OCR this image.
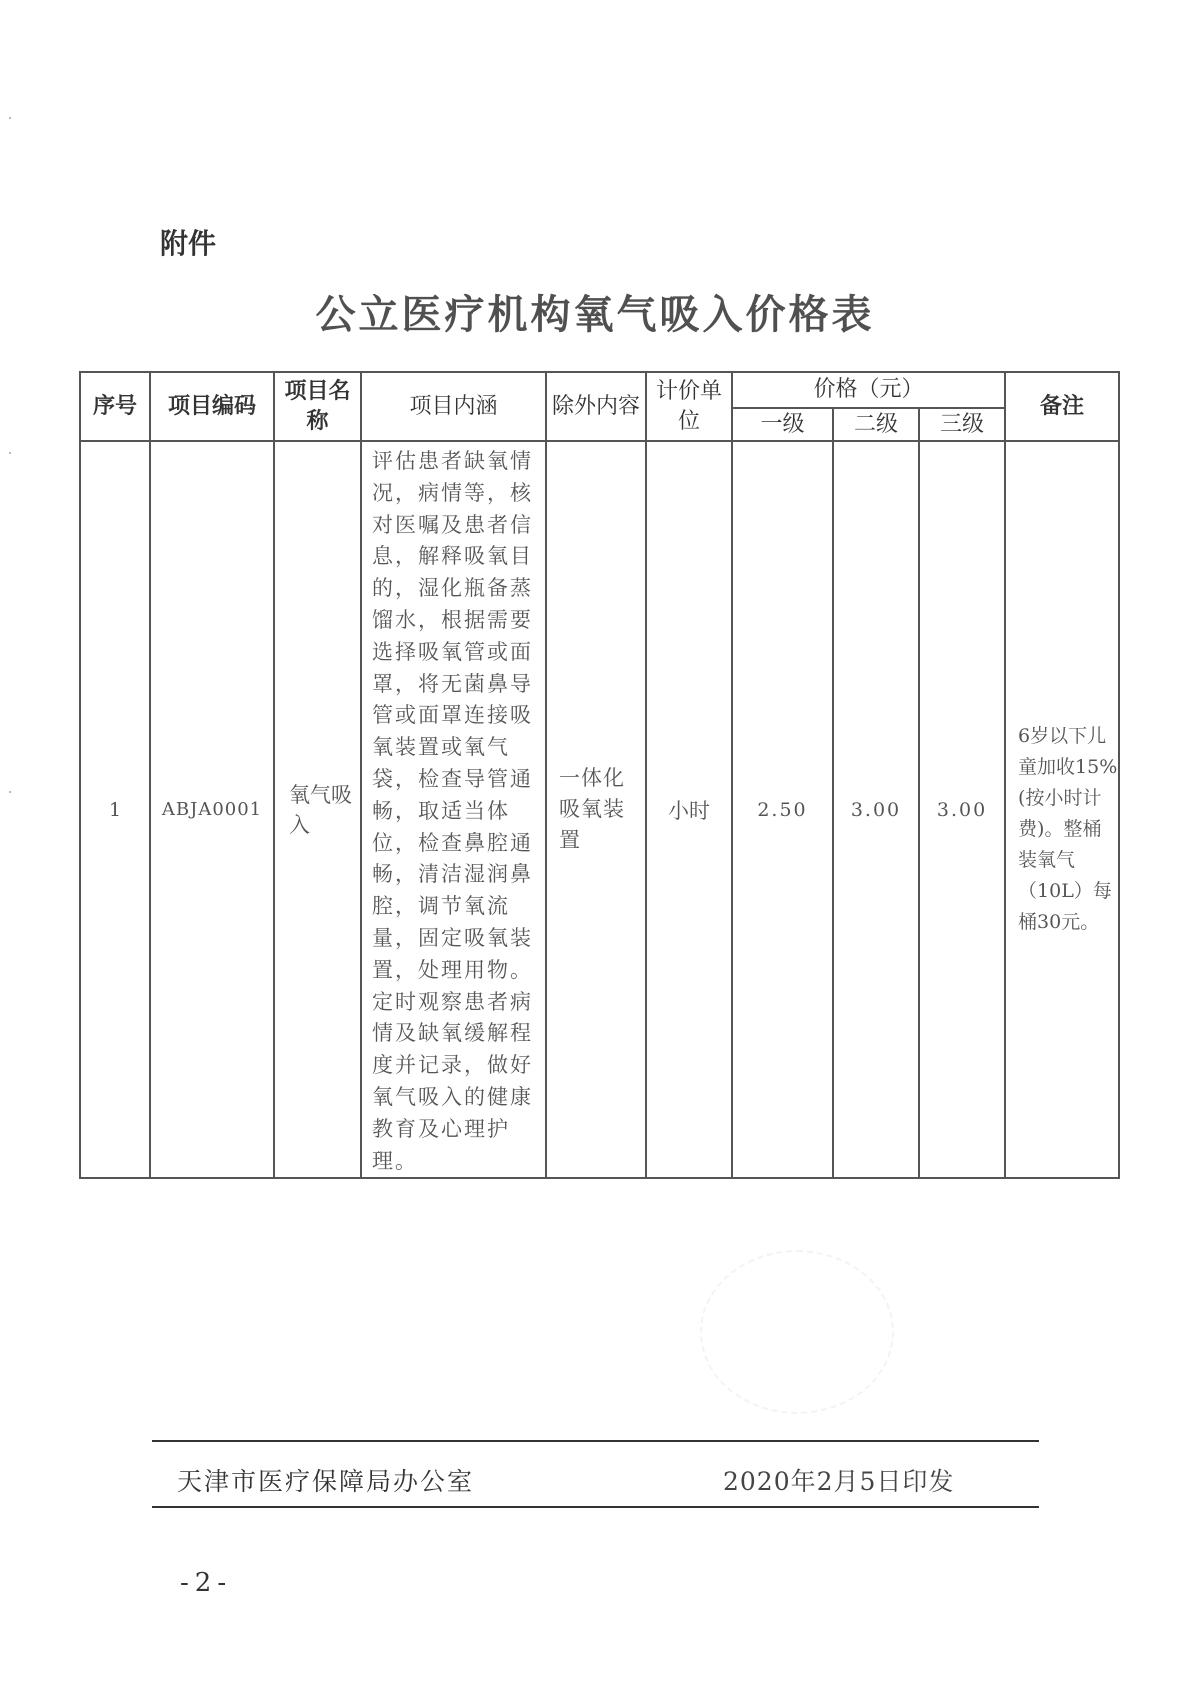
附件
公立医疗机构氧气吸入价格表
序号	项目编码	项目名称	项目内涵	除外内容	计价单位	价格（元）			备注
						一级	二级	三级	
1	ABJA0001	氧气吸入	评估患者缺氧情况，病情等，核对医嘱及患者信息，解释吸氧目的，湿化瓶备蒸馏水，根据需要选择吸氧管或面罩，将无菌鼻导管或面罩连接吸氧装置或氧气袋，检查导管通畅，取适当体位，检查鼻腔通畅，清洁湿润鼻腔，调节氧流量，固定吸氧装置，处理用物。定时观察患者病情及缺氧缓解程度并记录，做好氧气吸入的健康教育及心理护理。	一体化吸氧装置	小时	2.50	3.00	3.00	6岁以下儿童加收15%(按小时计费)。整桶装氧气（10L）每桶30元。
天津市医疗保障局办公室	2020年2月5日印发
-2-
